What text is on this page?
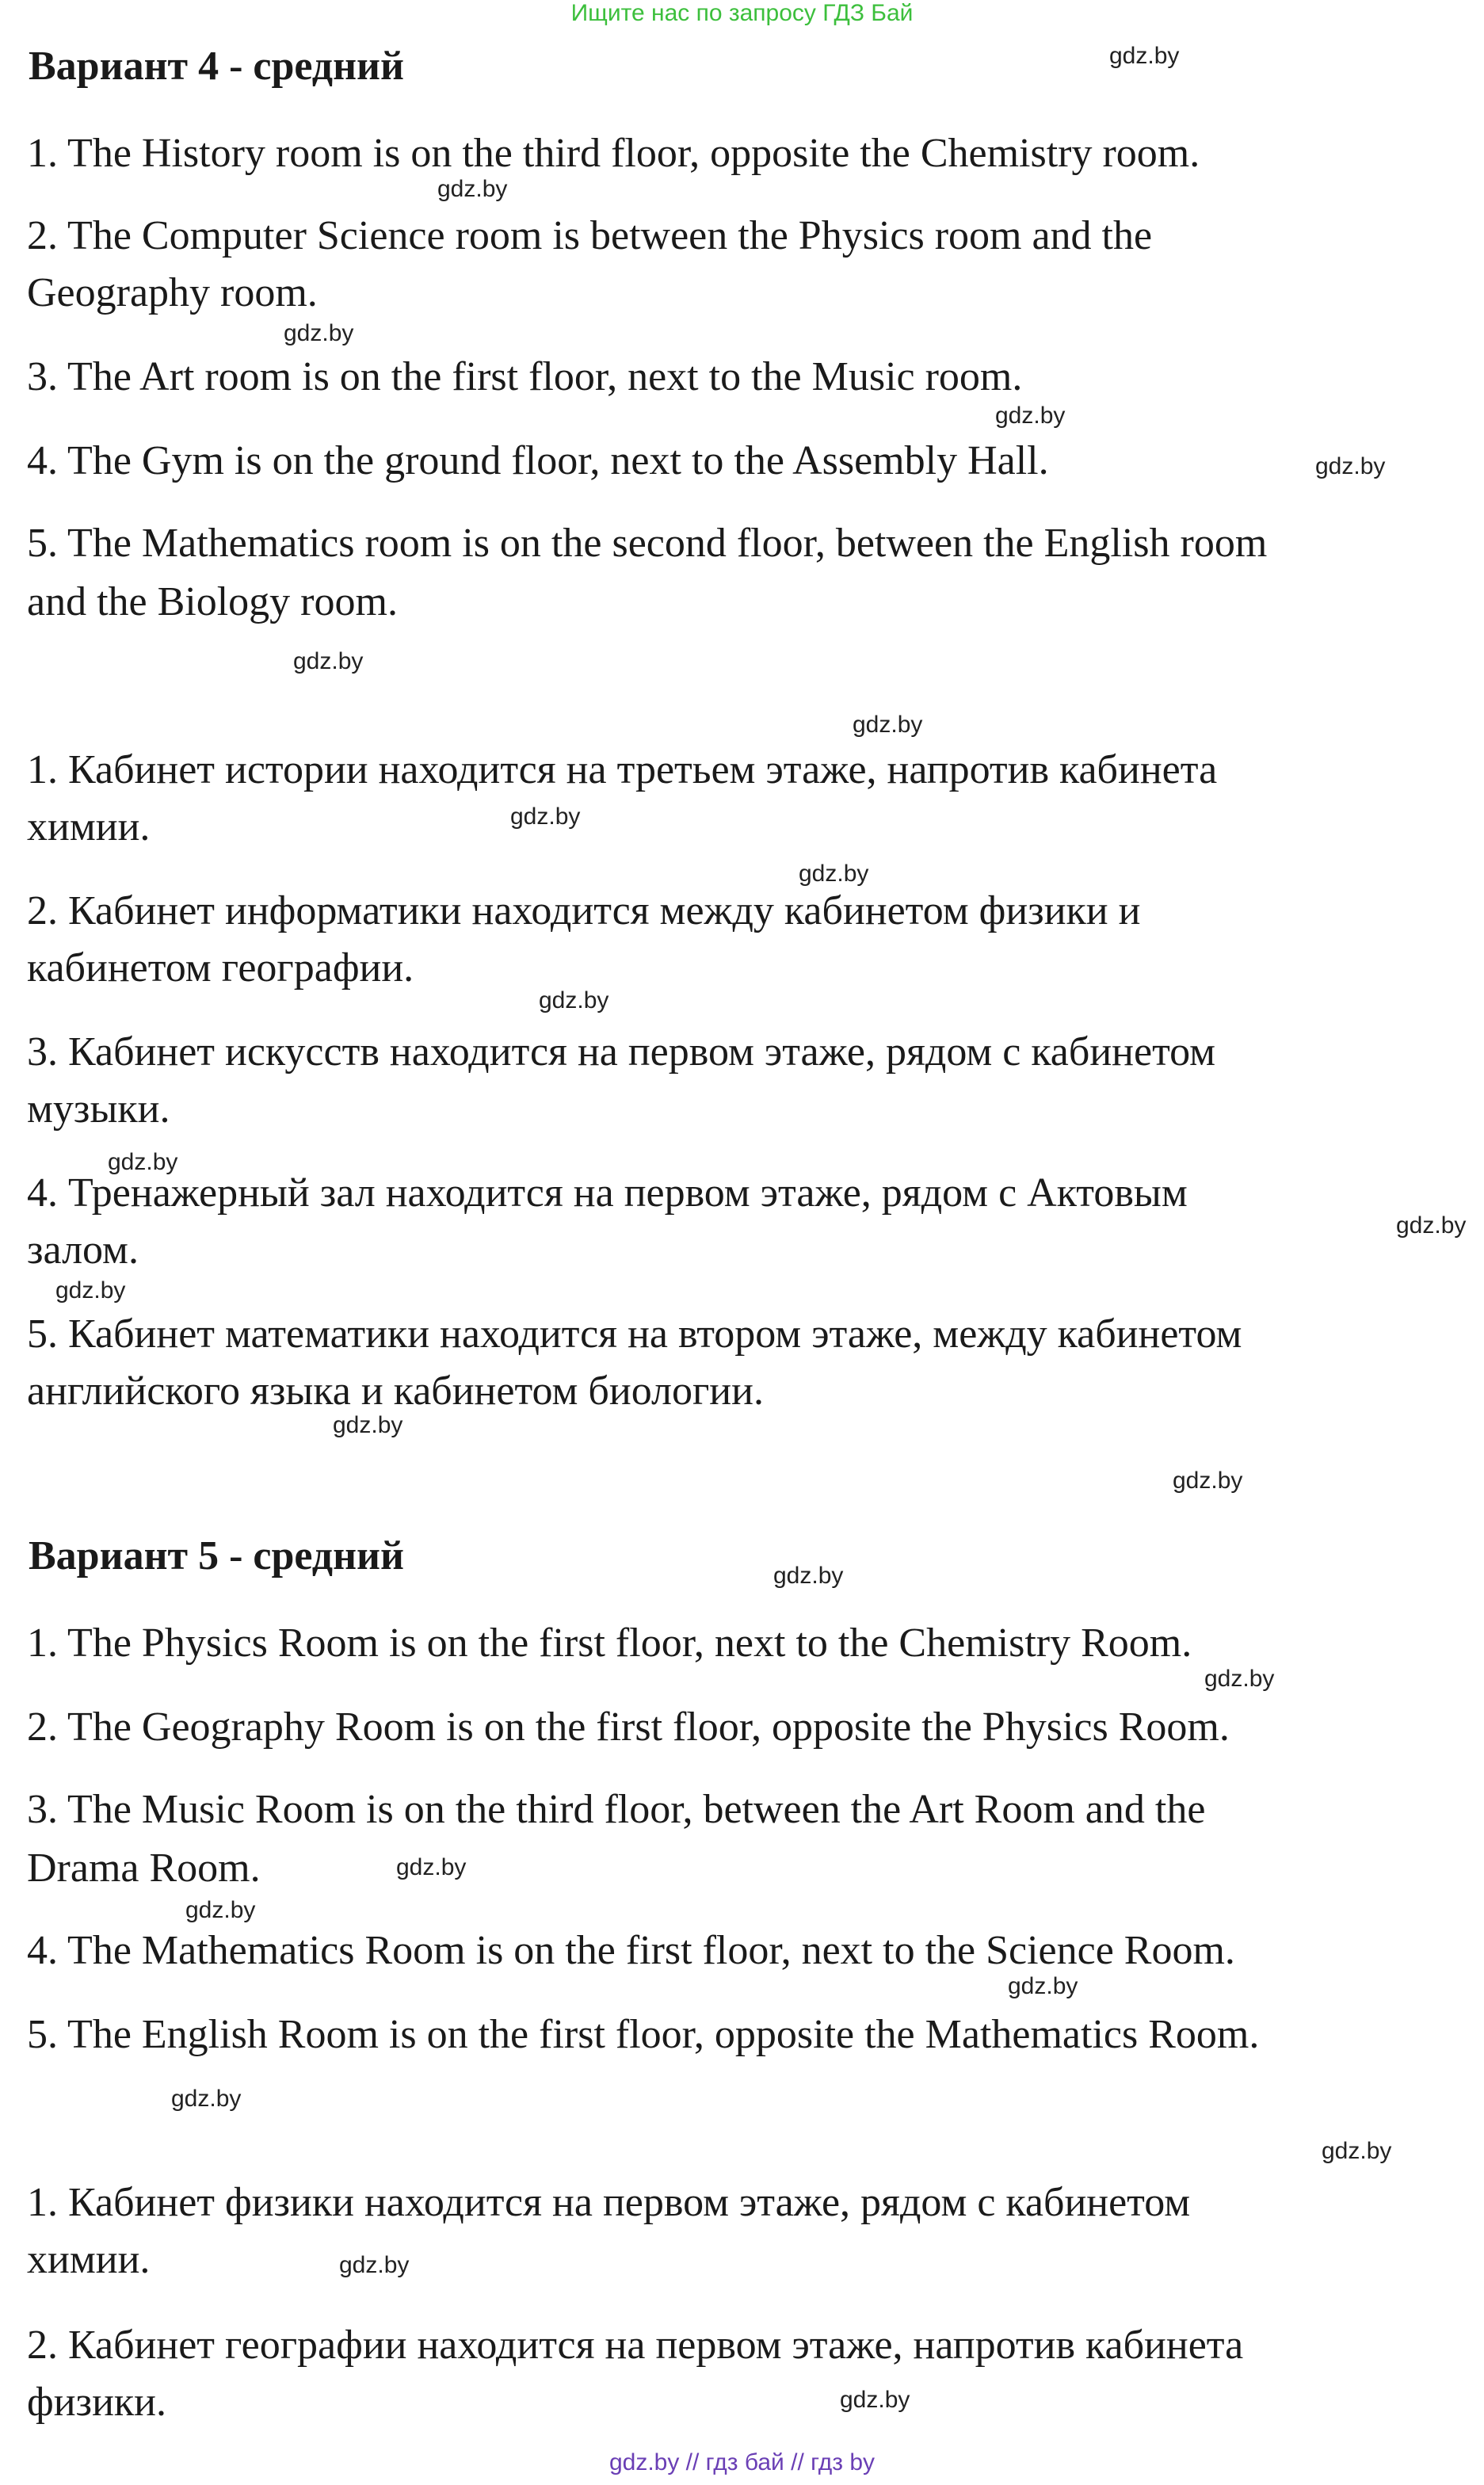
Ищите нас по запросу ГДЗ Бай
Вариант 4 - средний
1. The History room is on the third floor, opposite the Chemistry room.
2. The Computer Science room is between the Physics room and the
Geography room.
3. The Art room is on the first floor, next to the Music room.
4. The Gym is on the ground floor, next to the Assembly Hall.
5. The Mathematics room is on the second floor, between the English room
and the Biology room.
1. Кабинет истории находится на третьем этаже, напротив кабинета
химии.
2. Кабинет информатики находится между кабинетом физики и
кабинетом географии.
3. Кабинет искусств находится на первом этаже, рядом с кабинетом
музыки.
4. Тренажерный зал находится на первом этаже, рядом с Актовым
залом.
5. Кабинет математики находится на втором этаже, между кабинетом
английского языка и кабинетом биологии.
Вариант 5 - средний
1. The Physics Room is on the first floor, next to the Chemistry Room.
2. The Geography Room is on the first floor, opposite the Physics Room.
3. The Music Room is on the third floor, between the Art Room and the
Drama Room.
4. The Mathematics Room is on the first floor, next to the Science Room.
5. The English Room is on the first floor, opposite the Mathematics Room.
1. Кабинет физики находится на первом этаже, рядом с кабинетом
химии.
2. Кабинет географии находится на первом этаже, напротив кабинета
физики.
gdz.by
gdz.by
gdz.by
gdz.by
gdz.by
gdz.by
gdz.by
gdz.by
gdz.by
gdz.by
gdz.by
gdz.by
gdz.by
gdz.by
gdz.by
gdz.by
gdz.by
gdz.by
gdz.by
gdz.by
gdz.by
gdz.by
gdz.by
gdz.by
gdz.by // гдз бай // гдз by
